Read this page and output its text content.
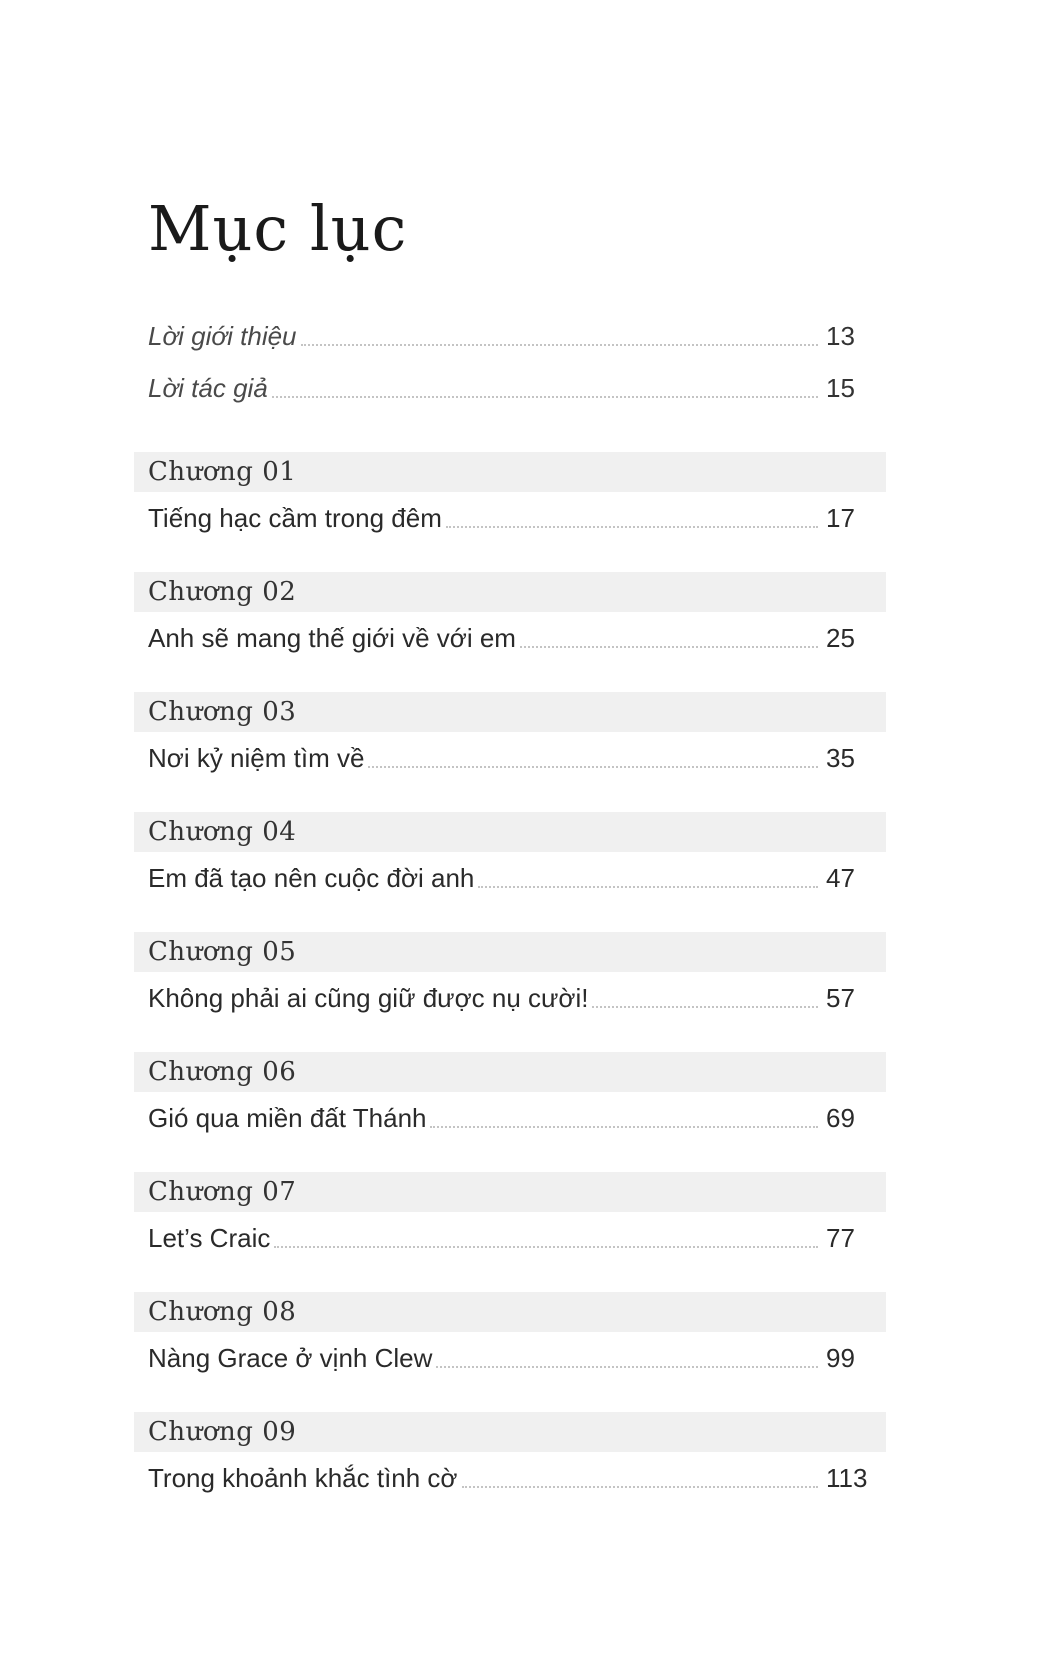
Mục lục
Lời giới thiệu	13
Lời tác giả	15
Chương 01
Tiếng hạc cầm trong đêm	17
Chương 02
Anh sẽ mang thế giới về với em	25
Chương 03
Nơi kỷ niệm tìm về	35
Chương 04
Em đã tạo nên cuộc đời anh	47
Chương 05
Không phải ai cũng giữ được nụ cười!	57
Chương 06
Gió qua miền đất Thánh	69
Chương 07
Let’s Craic	77
Chương 08
Nàng Grace ở vịnh Clew	99
Chương 09
Trong khoảnh khắc tình cờ	113
